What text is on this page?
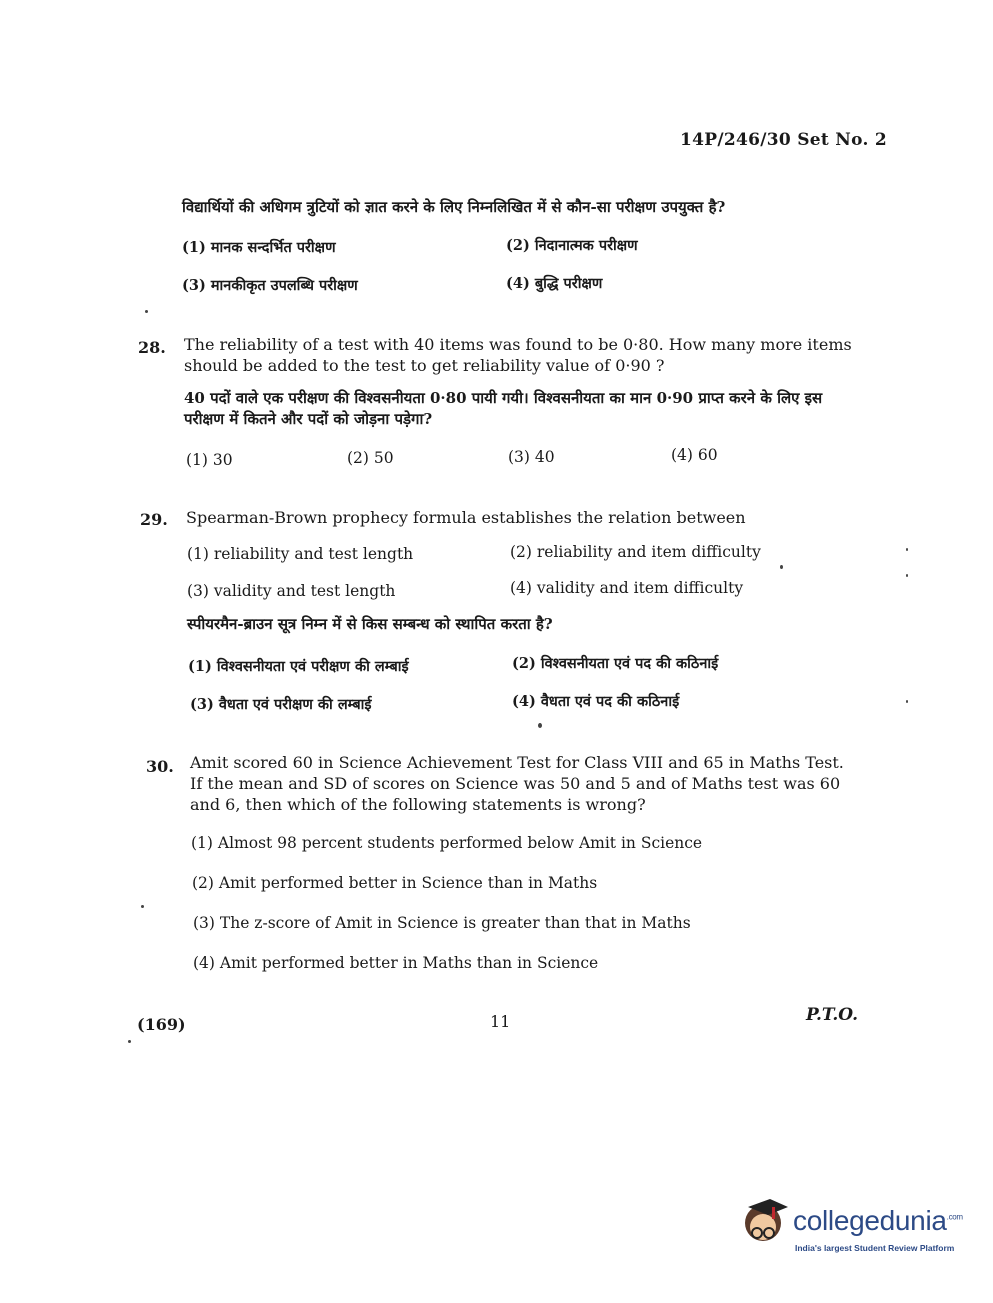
14P/246/30 Set No. 2
विद्यार्थियों की अधिगम त्रुटियों को ज्ञात करने के लिए निम्नलिखित में से कौन-सा परीक्षण उपयुक्त है?
(1) मानक सन्दर्भित परीक्षण	(2) निदानात्मक परीक्षण
(3) मानकीकृत उपलब्धि परीक्षण	(4) बुद्धि परीक्षण
28. The reliability of a test with 40 items was found to be 0·80. How many more items should be added to the test to get reliability value of 0·90 ?
40 पदों वाले एक परीक्षण की विश्वसनीयता 0·80 पायी गयी। विश्वसनीयता का मान 0·90 प्राप्त करने के लिए इस परीक्षण में कितने और पदों को जोड़ना पड़ेगा?
(1) 30	(2) 50	(3) 40	(4) 60
29. Spearman-Brown prophecy formula establishes the relation between
(1) reliability and test length	(2) reliability and item difficulty
(3) validity and test length	(4) validity and item difficulty
स्पीयरमैन-ब्राउन सूत्र निम्न में से किस सम्बन्ध को स्थापित करता है?
(1) विश्वसनीयता एवं परीक्षण की लम्बाई	(2) विश्वसनीयता एवं पद की कठिनाई
(3) वैधता एवं परीक्षण की लम्बाई	(4) वैधता एवं पद की कठिनाई
30. Amit scored 60 in Science Achievement Test for Class VIII and 65 in Maths Test. If the mean and SD of scores on Science was 50 and 5 and of Maths test was 60 and 6, then which of the following statements is wrong?
(1) Almost 98 percent students performed below Amit in Science
(2) Amit performed better in Science than in Maths
(3) The z-score of Amit in Science is greater than that in Maths
(4) Amit performed better in Maths than in Science
(169)	11	P.T.O.
collegedunia$^{.com}$
India's largest Student Review Platform
